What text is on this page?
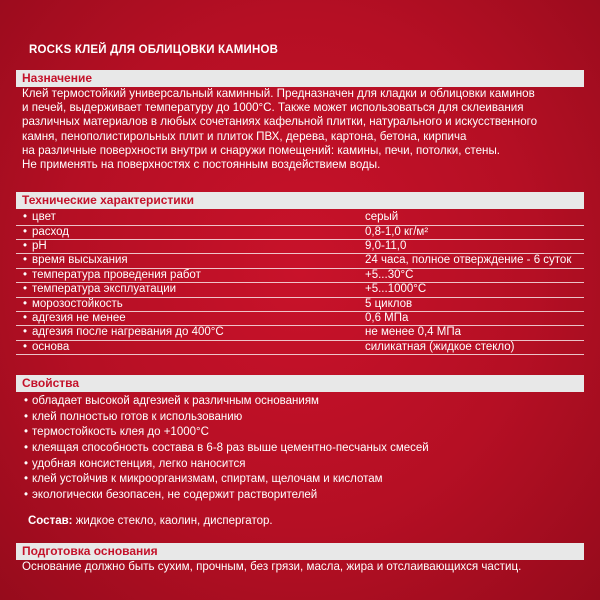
ROCKS КЛЕЙ ДЛЯ ОБЛИЦОВКИ КАМИНОВ
Назначение

Клей термостойкий универсальный каминный. Предназначен для кладки и облицовки каминов

и печей, выдерживает температуру до 1000°С. Также может использоваться для склеивания

различных материалов в любых сочетаниях кафельной плитки, натурального и искусственного

камня, пенополистирольных плит и плиток ПВХ, дерева, картона, бетона, кирпича

на различные поверхности внутри и снаружи помещений: камины, печи, потолки, стены.

Не применять на поверхностях с постоянным воздействием воды.

Технические характеристики
• цвет	серый
• расход	0,8-1,0 кг/м²
• pH	9,0-11,0
• время высыхания	24 часа, полное отверждение - 6 суток
• температура проведения работ	+5...30°С
• температура эксплуатации	+5...1000°С
• морозостойкость	5 циклов
• адгезия не менее	0,6 МПа
• адгезия после нагревания до 400°С	не менее 0,4 МПа
• основа	силикатная (жидкое стекло)
Свойства
• обладает высокой адгезией к различным основаниям
• клей полностью готов к использованию
• термостойкость клея до +1000°С
• клеящая способность состава в 6-8 раз выше цементно-песчаных смесей
• удобная консистенция, легко наносится
• клей устойчив к микроорганизмам, спиртам, щелочам и кислотам
• экологически безопасен, не содержит растворителей
Состав: жидкое стекло, каолин, диспергатор.
Подготовка основания

Основание должно быть сухим, прочным, без грязи, масла, жира и отслаивающихся частиц.
